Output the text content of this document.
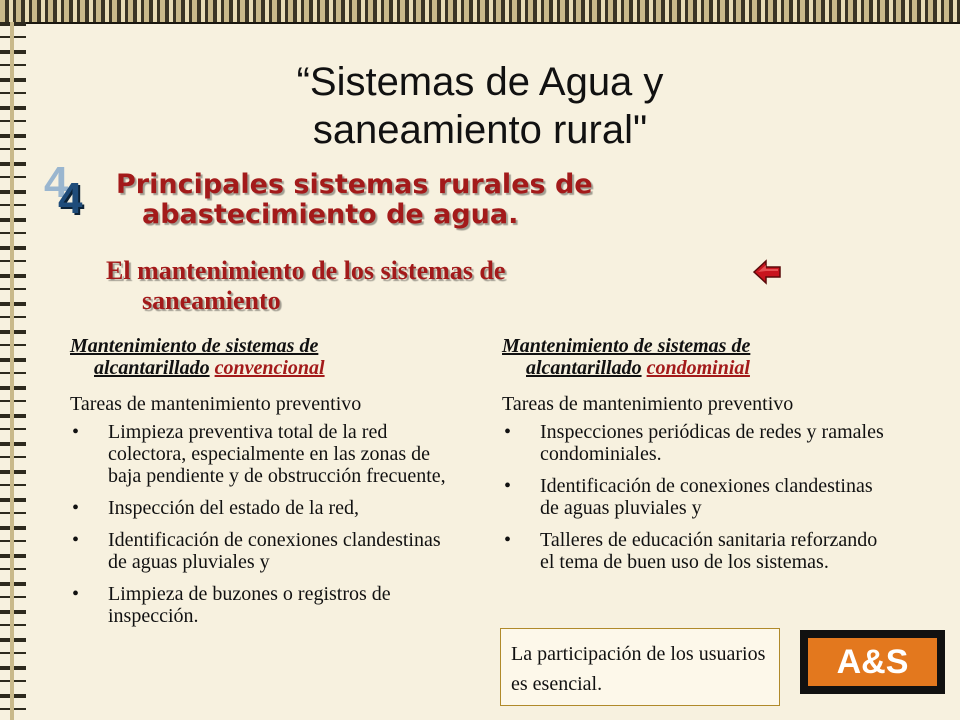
“Sistemas de Agua y saneamiento rural"
4
4 Principales sistemas rurales de
abastecimiento de agua.
El mantenimiento de los sistemas de
saneamiento

Mantenimiento de sistemas de
alcantarillado convencional

Tareas de mantenimiento preventivo

• Limpieza preventiva total de la red colectora, especialmente en las zonas de baja pendiente y de obstrucción frecuente,
• Inspección del estado de la red,
• Identificación de conexiones clandestinas de aguas pluviales y
• Limpieza de buzones o registros de inspección.

Mantenimiento de sistemas de
alcantarillado condominial

Tareas de mantenimiento preventivo

• Inspecciones periódicas de redes y ramales condominiales.
• Identificación de conexiones clandestinas de aguas pluviales y
• Talleres de educación sanitaria reforzando el tema de buen uso de los sistemas.
La participación de los usuarios es esencial.
A&S
